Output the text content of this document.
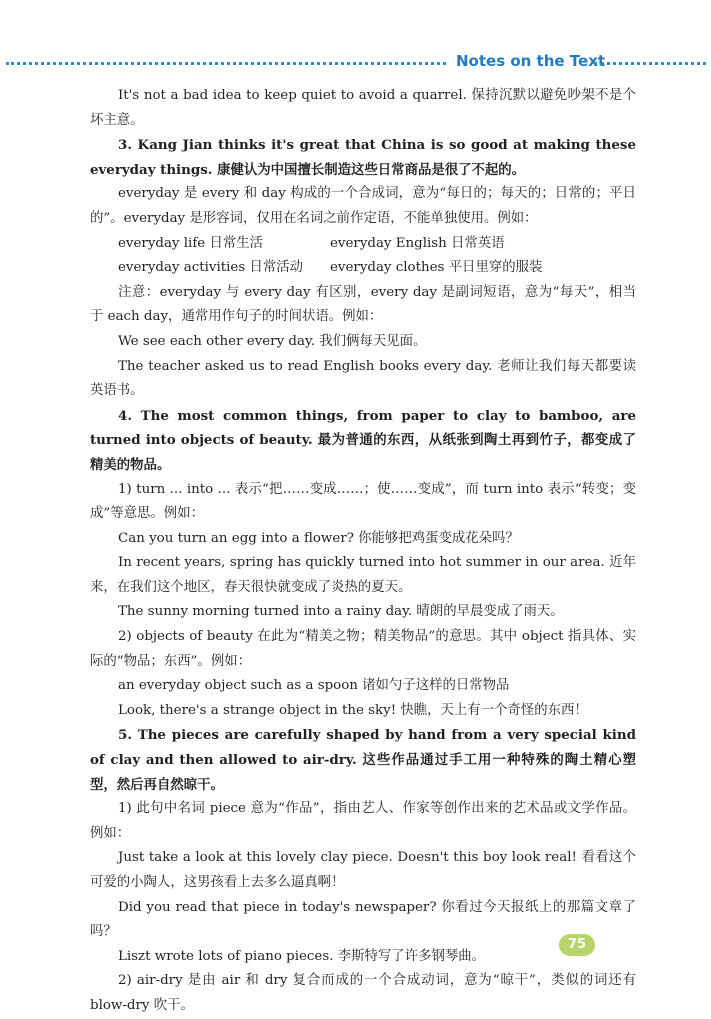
Notes on the Text

It's not a bad idea to keep quiet to avoid a quarrel. 保持沉默以避免吵架不是个坏主意。

3. Kang Jian thinks it's great that China is so good at making these everyday things. 康健认为中国擅长制造这些日常商品是很了不起的。

everyday 是 every 和 day 构成的一个合成词，意为“每日的；每天的；日常的；平日的”。everyday 是形容词，仅用在名词之前作定语，不能单独使用。例如：

everyday life 日常生活	everyday English 日常英语
everyday activities 日常活动	everyday clothes 平日里穿的服装

注意：everyday 与 every day 有区别，every day 是副词短语，意为“每天”，相当于 each day，通常用作句子的时间状语。例如：

We see each other every day. 我们俩每天见面。

The teacher asked us to read English books every day. 老师让我们每天都要读英语书。

4. The most common things, from paper to clay to bamboo, are turned into objects of beauty. 最为普通的东西，从纸张到陶土再到竹子，都变成了精美的物品。

1) turn ... into ... 表示“把……变成……；使……变成”，而 turn into 表示“转变；变成”等意思。例如：

Can you turn an egg into a flower? 你能够把鸡蛋变成花朵吗？

In recent years, spring has quickly turned into hot summer in our area. 近年来，在我们这个地区，春天很快就变成了炎热的夏天。

The sunny morning turned into a rainy day. 晴朗的早晨变成了雨天。

2) objects of beauty 在此为“精美之物；精美物品”的意思。其中 object 指具体、实际的“物品；东西”。例如：

an everyday object such as a spoon 诸如勺子这样的日常物品

Look, there's a strange object in the sky! 快瞧，天上有一个奇怪的东西！

5. The pieces are carefully shaped by hand from a very special kind of clay and then allowed to air-dry. 这些作品通过手工用一种特殊的陶土精心塑型，然后再自然晾干。

1) 此句中名词 piece 意为“作品”，指由艺人、作家等创作出来的艺术品或文学作品。例如：

Just take a look at this lovely clay piece. Doesn't this boy look real! 看看这个可爱的小陶人，这男孩看上去多么逼真啊！

Did you read that piece in today's newspaper? 你看过今天报纸上的那篇文章了吗？

Liszt wrote lots of piano pieces. 李斯特写了许多钢琴曲。

2) air-dry 是由 air 和 dry 复合而成的一个合成动词，意为“晾干”，类似的词还有 blow-dry 吹干。

75
